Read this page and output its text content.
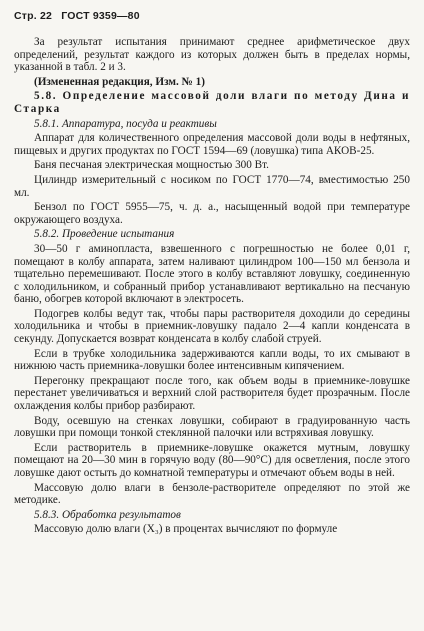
Стр. 22 ГОСТ 9359—80

За результат испытания принимают среднее арифметическое двух определений, результат каждого из которых должен быть в пределах нормы, указанной в табл. 2 и 3.

(Измененная редакция, Изм. № 1)

5.8. Определение массовой доли влаги по методу Дина и Старка

5.8.1. Аппаратура, посуда и реактивы

Аппарат для количественного определения массовой доли воды в нефтяных, пищевых и других продуктах по ГОСТ 1594—69 (ловушка) типа АКОВ-25.

Баня песчаная электрическая мощностью 300 Вт.

Цилиндр измерительный с носиком по ГОСТ 1770—74, вместимостью 250 мл.

Бензол по ГОСТ 5955—75, ч. д. а., насыщенный водой при температуре окружающего воздуха.

5.8.2. Проведение испытания

30—50 г аминопласта, взвешенного с погрешностью не более 0,01 г, помещают в колбу аппарата, затем наливают цилиндром 100—150 мл бензола и тщательно перемешивают. После этого в колбу вставляют ловушку, соединенную с холодильником, и собранный прибор устанавливают вертикально на песчаную баню, обогрев которой включают в электросеть.

Подогрев колбы ведут так, чтобы пары растворителя доходили до середины холодильника и чтобы в приемник-ловушку падало 2—4 капли конденсата в секунду. Допускается возврат конденсата в колбу слабой струей.

Если в трубке холодильника задерживаются капли воды, то их смывают в нижнюю часть приемника-ловушки более интенсивным кипячением.

Перегонку прекращают после того, как объем воды в приемнике-ловушке перестанет увеличиваться и верхний слой растворителя будет прозрачным. После охлаждения колбы прибор разбирают.

Воду, осевшую на стенках ловушки, собирают в градуированную часть ловушки при помощи тонкой стеклянной палочки или встряхивая ловушку.

Если растворитель в приемнике-ловушке окажется мутным, ловушку помещают на 20—30 мин в горячую воду (80—90°С) для осветления, после этого ловушке дают остыть до комнатной температуры и отмечают объем воды в ней.

Массовую долю влаги в бензоле-растворителе определяют по этой же методике.

5.8.3. Обработка результатов

Массовую долю влаги (X₃) в процентах вычисляют по формуле
